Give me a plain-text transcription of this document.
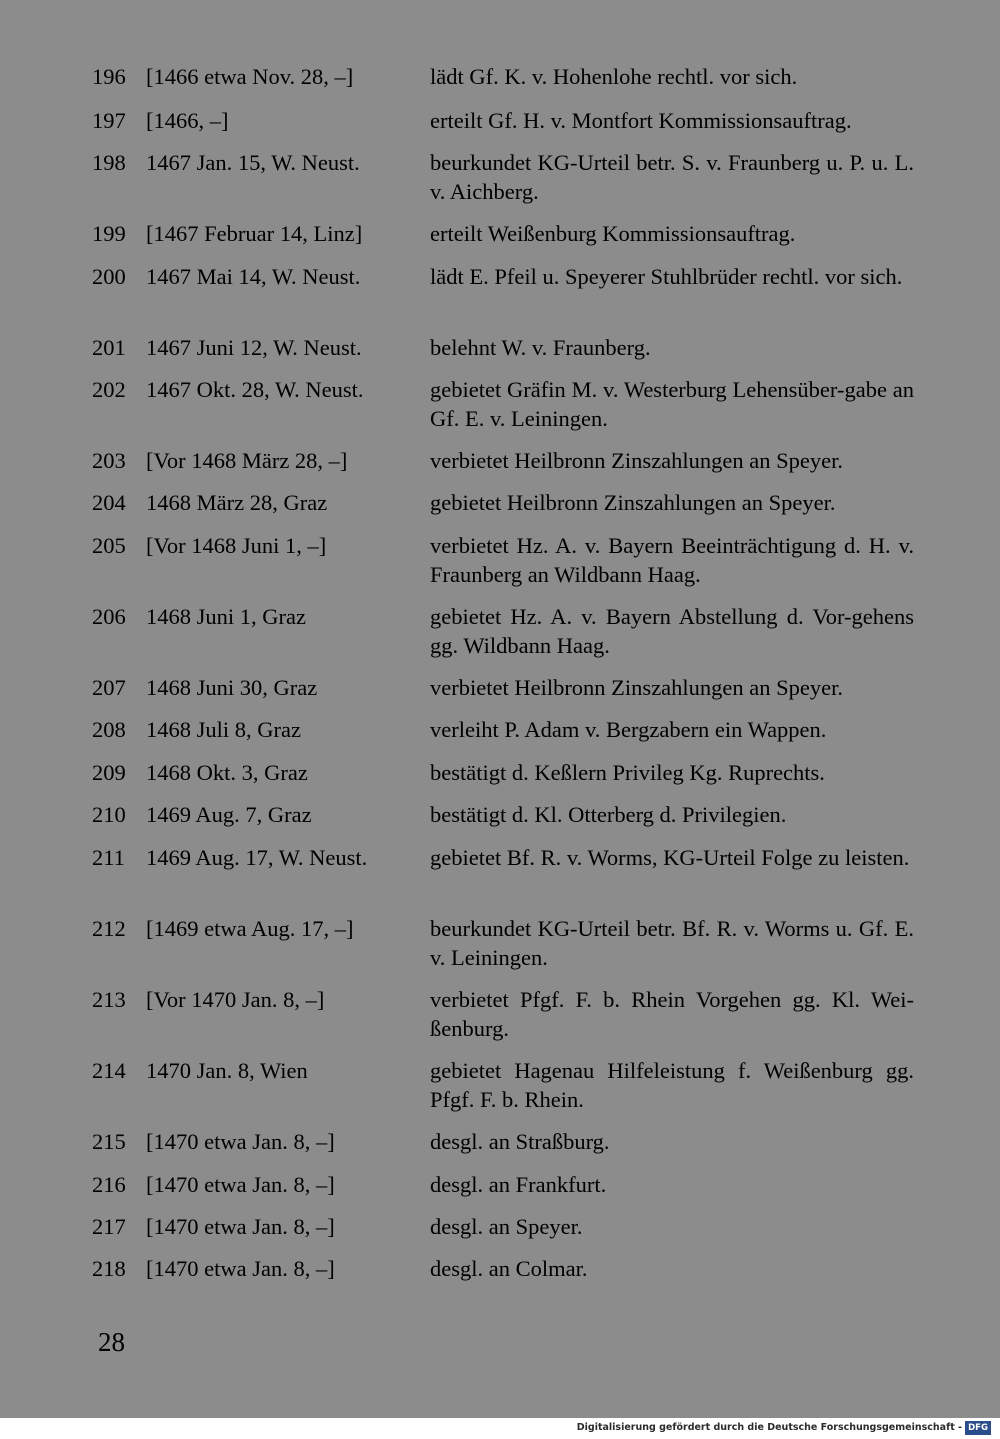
196 [1466 etwa Nov. 28, –]	lädt Gf. K. v. Hohenlohe rechtl. vor sich.
197 [1466, –]	erteilt Gf. H. v. Montfort Kommissionsauftrag.
198 1467 Jan. 15, W. Neust.	beurkundet KG-Urteil betr. S. v. Fraunberg u. P. u. L. v. Aichberg.
199 [1467 Februar 14, Linz]	erteilt Weißenburg Kommissionsauftrag.
200 1467 Mai 14, W. Neust.	lädt E. Pfeil u. Speyerer Stuhlbrüder rechtl. vor sich.
201 1467 Juni 12, W. Neust.	belehnt W. v. Fraunberg.
202 1467 Okt. 28, W. Neust.	gebietet Gräfin M. v. Westerburg Lehensüber-gabe an Gf. E. v. Leiningen.
203 [Vor 1468 März 28, –]	verbietet Heilbronn Zinszahlungen an Speyer.
204 1468 März 28, Graz	gebietet Heilbronn Zinszahlungen an Speyer.
205 [Vor 1468 Juni 1, –]	verbietet Hz. A. v. Bayern Beeinträchtigung d. H. v. Fraunberg an Wildbann Haag.
206 1468 Juni 1, Graz	gebietet Hz. A. v. Bayern Abstellung d. Vor-gehens gg. Wildbann Haag.
207 1468 Juni 30, Graz	verbietet Heilbronn Zinszahlungen an Speyer.
208 1468 Juli 8, Graz	verleiht P. Adam v. Bergzabern ein Wappen.
209 1468 Okt. 3, Graz	bestätigt d. Keßlern Privileg Kg. Ruprechts.
210 1469 Aug. 7, Graz	bestätigt d. Kl. Otterberg d. Privilegien.
211 1469 Aug. 17, W. Neust.	gebietet Bf. R. v. Worms, KG-Urteil Folge zu leisten.
212 [1469 etwa Aug. 17, –]	beurkundet KG-Urteil betr. Bf. R. v. Worms u. Gf. E. v. Leiningen.
213 [Vor 1470 Jan. 8, –]	verbietet Pfgf. F. b. Rhein Vorgehen gg. Kl. Wei-ßenburg.
214 1470 Jan. 8, Wien	gebietet Hagenau Hilfeleistung f. Weißenburg gg. Pfgf. F. b. Rhein.
215 [1470 etwa Jan. 8, –]	desgl. an Straßburg.
216 [1470 etwa Jan. 8, –]	desgl. an Frankfurt.
217 [1470 etwa Jan. 8, –]	desgl. an Speyer.
218 [1470 etwa Jan. 8, –]	desgl. an Colmar.
28
Digitalisierung gefördert durch die Deutsche Forschungsgemeinschaft - DFG
